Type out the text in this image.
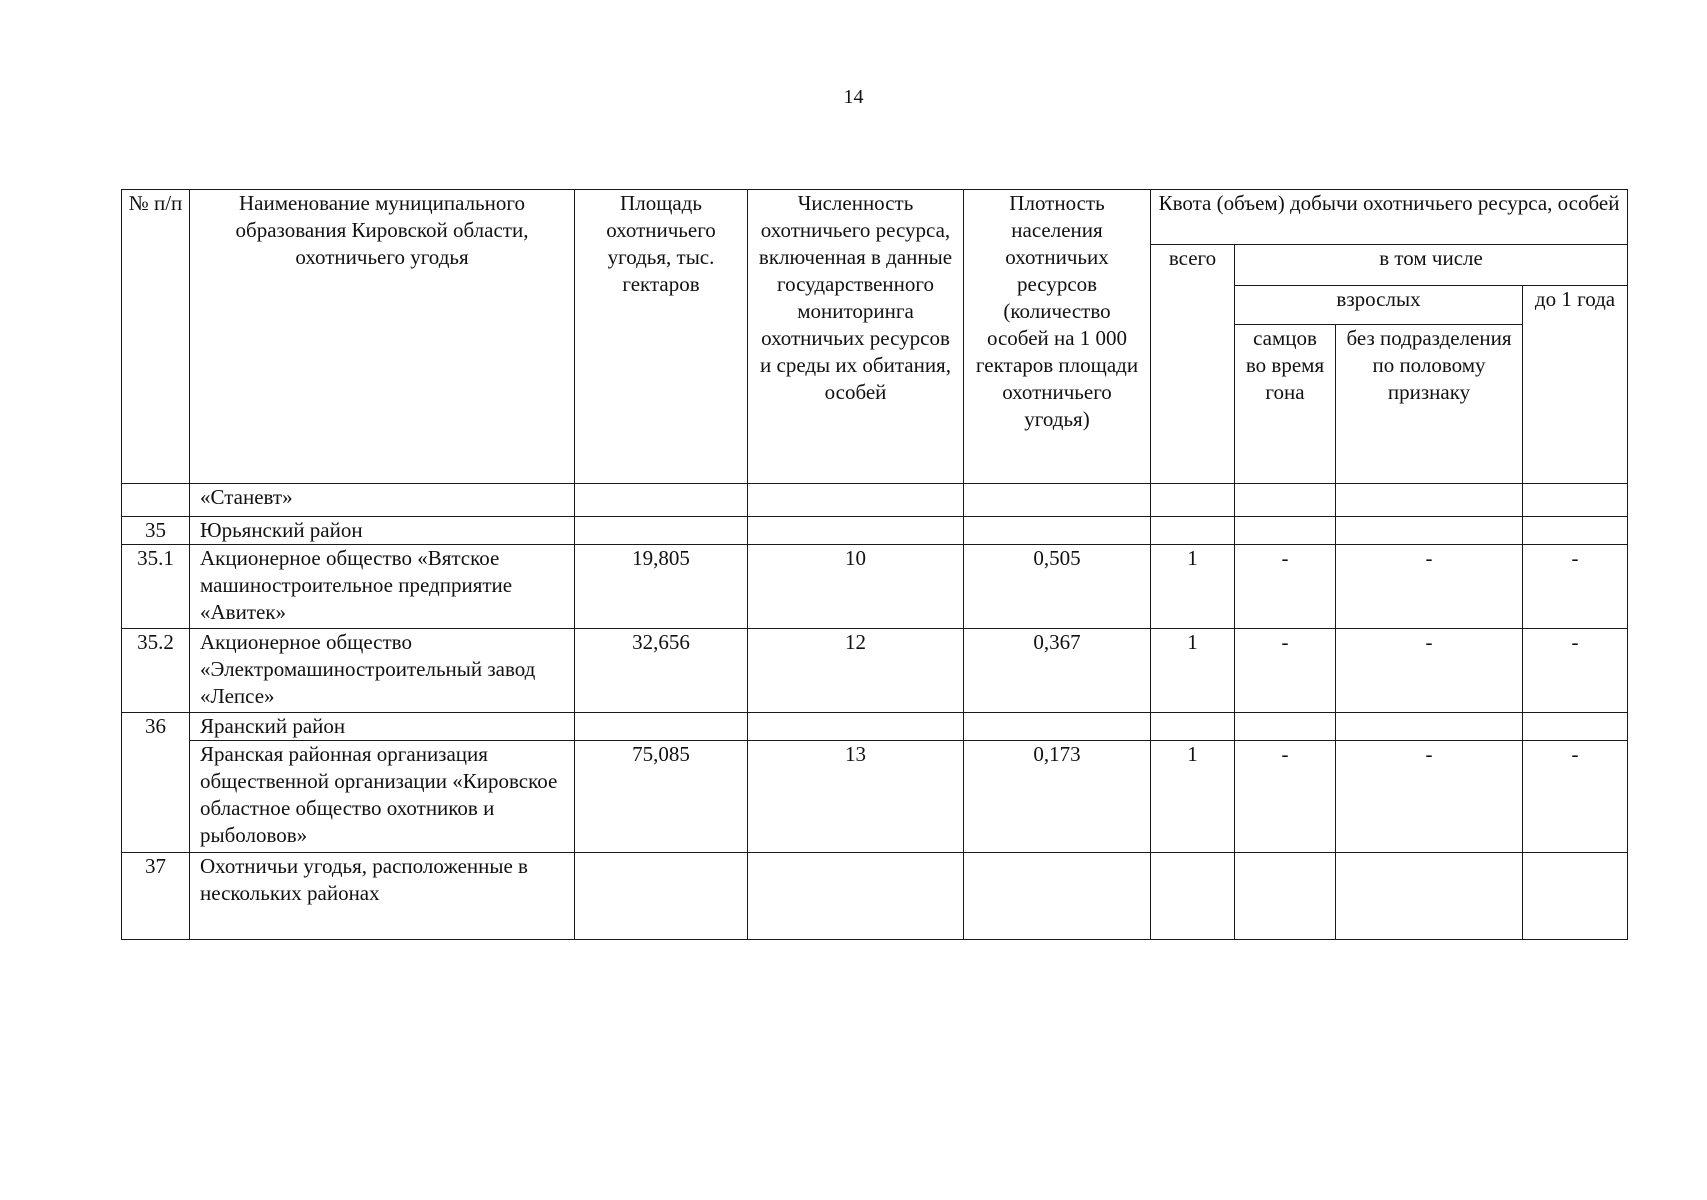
14
№ п/п	Наименование муниципального образования Кировской области, охотничьего угодья	Площадь охотничьего угодья, тыс. гектаров	Численность охотничьего ресурса, включенная в данные государственного мониторинга охотничьих ресурсов и среды их обитания, особей	Плотность населения охотничьих ресурсов (количество особей на 1 000 гектаров площади охотничьего угодья)	Квота (объем) добычи охотничьего ресурса, особей			
					всего	в том числе		
						взрослых		до 1 года
						самцов во время гона	без подразделения по половому признаку	
	«Станевт»							
35	Юрьянский район							
35.1	Акционерное общество «Вятское машиностроительное предприятие «Авитек»	19,805	10	0,505	1	-	-	-
35.2	Акционерное общество «Электромашиностроительный завод «Лепсе»	32,656	12	0,367	1	-	-	-
36	Яранский район							
	Яранская районная организация общественной организации «Кировское областное общество охотников и рыболовов»	75,085	13	0,173	1	-	-	-
37	Охотничьи угодья, расположенные в нескольких районах							
